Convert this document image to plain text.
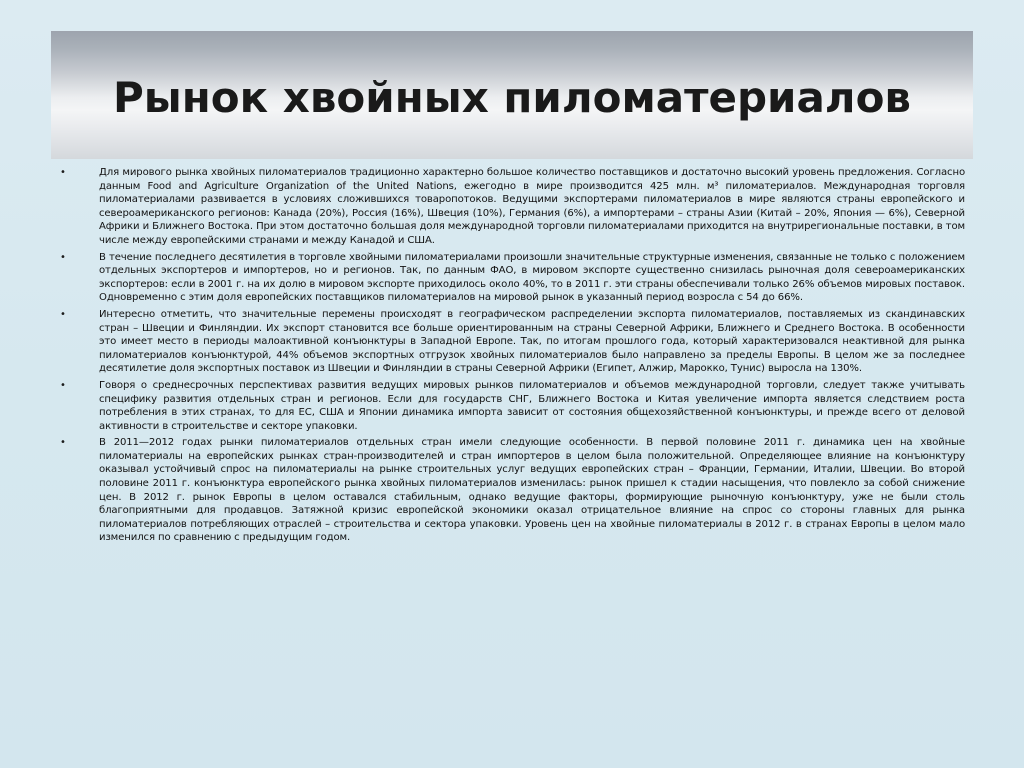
Рынок хвойных пиломатериалов
•	Для мирового рынка хвойных пиломатериалов традиционно характерно большое количество поставщиков и достаточно высокий уровень предложения. Согласно данным Food and Agriculture Organization of the United Nations, ежегодно в мире производится 425 млн. м³ пиломатериалов. Международная торговля пиломатериалами развивается в условиях сложившихся товаропотоков. Ведущими экспортерами пиломатериалов в мире являются страны европейского и североамериканского регионов: Канада (20%), Россия (16%), Швеция (10%), Германия (6%), а импортерами – страны Азии (Китай – 20%, Япония — 6%), Северной Африки и Ближнего Востока. При этом достаточно большая доля международной торговли пиломатериалами приходится на внутрирегиональные поставки, в том числе между европейскими странами и между Канадой и США.
•	В течение последнего десятилетия в торговле хвойными пиломатериалами произошли значительные структурные изменения, связанные не только с положением отдельных экспортеров и импортеров, но и регионов. Так, по данным ФАО, в мировом экспорте существенно снизилась рыночная доля североамериканских экспортеров: если в 2001 г. на их долю в мировом экспорте приходилось около 40%, то в 2011 г. эти страны обеспечивали только 26% объемов мировых поставок. Одновременно с этим доля европейских поставщиков пиломатериалов на мировой рынок в указанный период возросла с 54 до 66%.
•	Интересно отметить, что значительные перемены происходят в географическом распределении экспорта пиломатериалов, поставляемых из скандинавских стран – Швеции и Финляндии. Их экспорт становится все больше ориентированным на страны Северной Африки, Ближнего и Среднего Востока. В особенности это имеет место в периоды малоактивной конъюнктуры в Западной Европе. Так, по итогам прошлого года, который характеризовался неактивной для рынка пиломатериалов конъюнктурой, 44% объемов экспортных отгрузок хвойных пиломатериалов было направлено за пределы Европы. В целом же за последнее десятилетие доля экспортных поставок из Швеции и Финляндии в страны Северной Африки (Египет, Алжир, Марокко, Тунис) выросла на 130%.
•	Говоря о среднесрочных перспективах развития ведущих мировых рынков пиломатериалов и объемов международной торговли, следует также учитывать специфику развития отдельных стран и регионов. Если для государств СНГ, Ближнего Востока и Китая увеличение импорта является следствием роста потребления в этих странах, то для ЕС, США и Японии динамика импорта зависит от состояния общехозяйственной конъюнктуры, и прежде всего от деловой активности в строительстве и секторе упаковки.
•	В 2011—2012 годах рынки пиломатериалов отдельных стран имели следующие особенности. В первой половине 2011 г. динамика цен на хвойные пиломатериалы на европейских рынках стран-производителей и стран импортеров в целом была положительной. Определяющее влияние на конъюнктуру оказывал устойчивый спрос на пиломатериалы на рынке строительных услуг ведущих европейских стран – Франции, Германии, Италии, Швеции. Во второй половине 2011 г. конъюнктура европейского рынка хвойных пиломатериалов изменилась: рынок пришел к стадии насыщения, что повлекло за собой снижение цен. В 2012 г. рынок Европы в целом оставался стабильным, однако ведущие факторы, формирующие рыночную конъюнктуру, уже не были столь благоприятными для продавцов. Затяжной кризис европейской экономики оказал отрицательное влияние на спрос со стороны главных для рынка пиломатериалов потребляющих отраслей – строительства и сектора упаковки. Уровень цен на хвойные пиломатериалы в 2012 г. в странах Европы в целом мало изменился по сравнению с предыдущим годом.
